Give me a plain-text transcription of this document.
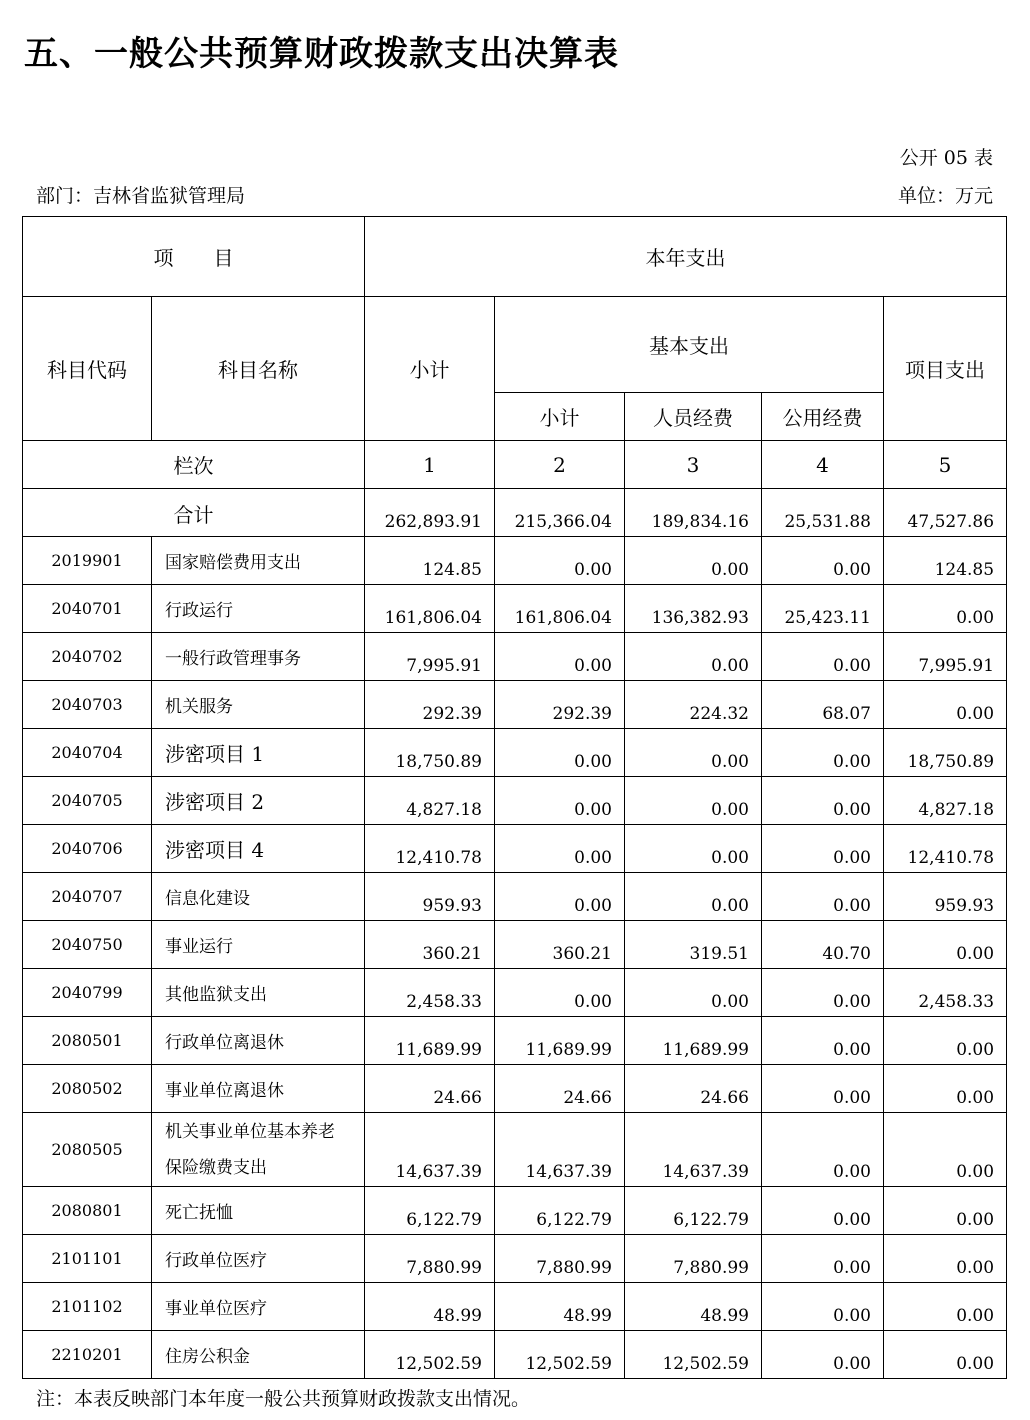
五、一般公共预算财政拨款支出决算表
公开 05 表
部门：吉林省监狱管理局	单位：万元
项　　目		本年支出				
科目代码	科目名称	小计	基本支出			项目支出
			小计	人员经费	公用经费	
栏次		1	2	3	4	5
合计		262,893.91	215,366.04	189,834.16	25,531.88	47,527.86
2019901	国家赔偿费用支出	124.85	0.00	0.00	0.00	124.85
2040701	行政运行	161,806.04	161,806.04	136,382.93	25,423.11	0.00
2040702	一般行政管理事务	7,995.91	0.00	0.00	0.00	7,995.91
2040703	机关服务	292.39	292.39	224.32	68.07	0.00
2040704	涉密项目 1	18,750.89	0.00	0.00	0.00	18,750.89
2040705	涉密项目 2	4,827.18	0.00	0.00	0.00	4,827.18
2040706	涉密项目 4	12,410.78	0.00	0.00	0.00	12,410.78
2040707	信息化建设	959.93	0.00	0.00	0.00	959.93
2040750	事业运行	360.21	360.21	319.51	40.70	0.00
2040799	其他监狱支出	2,458.33	0.00	0.00	0.00	2,458.33
2080501	行政单位离退休	11,689.99	11,689.99	11,689.99	0.00	0.00
2080502	事业单位离退休	24.66	24.66	24.66	0.00	0.00
2080505	机关事业单位基本养老
保险缴费支出	14,637.39	14,637.39	14,637.39	0.00	0.00
2080801	死亡抚恤	6,122.79	6,122.79	6,122.79	0.00	0.00
2101101	行政单位医疗	7,880.99	7,880.99	7,880.99	0.00	0.00
2101102	事业单位医疗	48.99	48.99	48.99	0.00	0.00
2210201	住房公积金	12,502.59	12,502.59	12,502.59	0.00	0.00
注：本表反映部门本年度一般公共预算财政拨款支出情况。
